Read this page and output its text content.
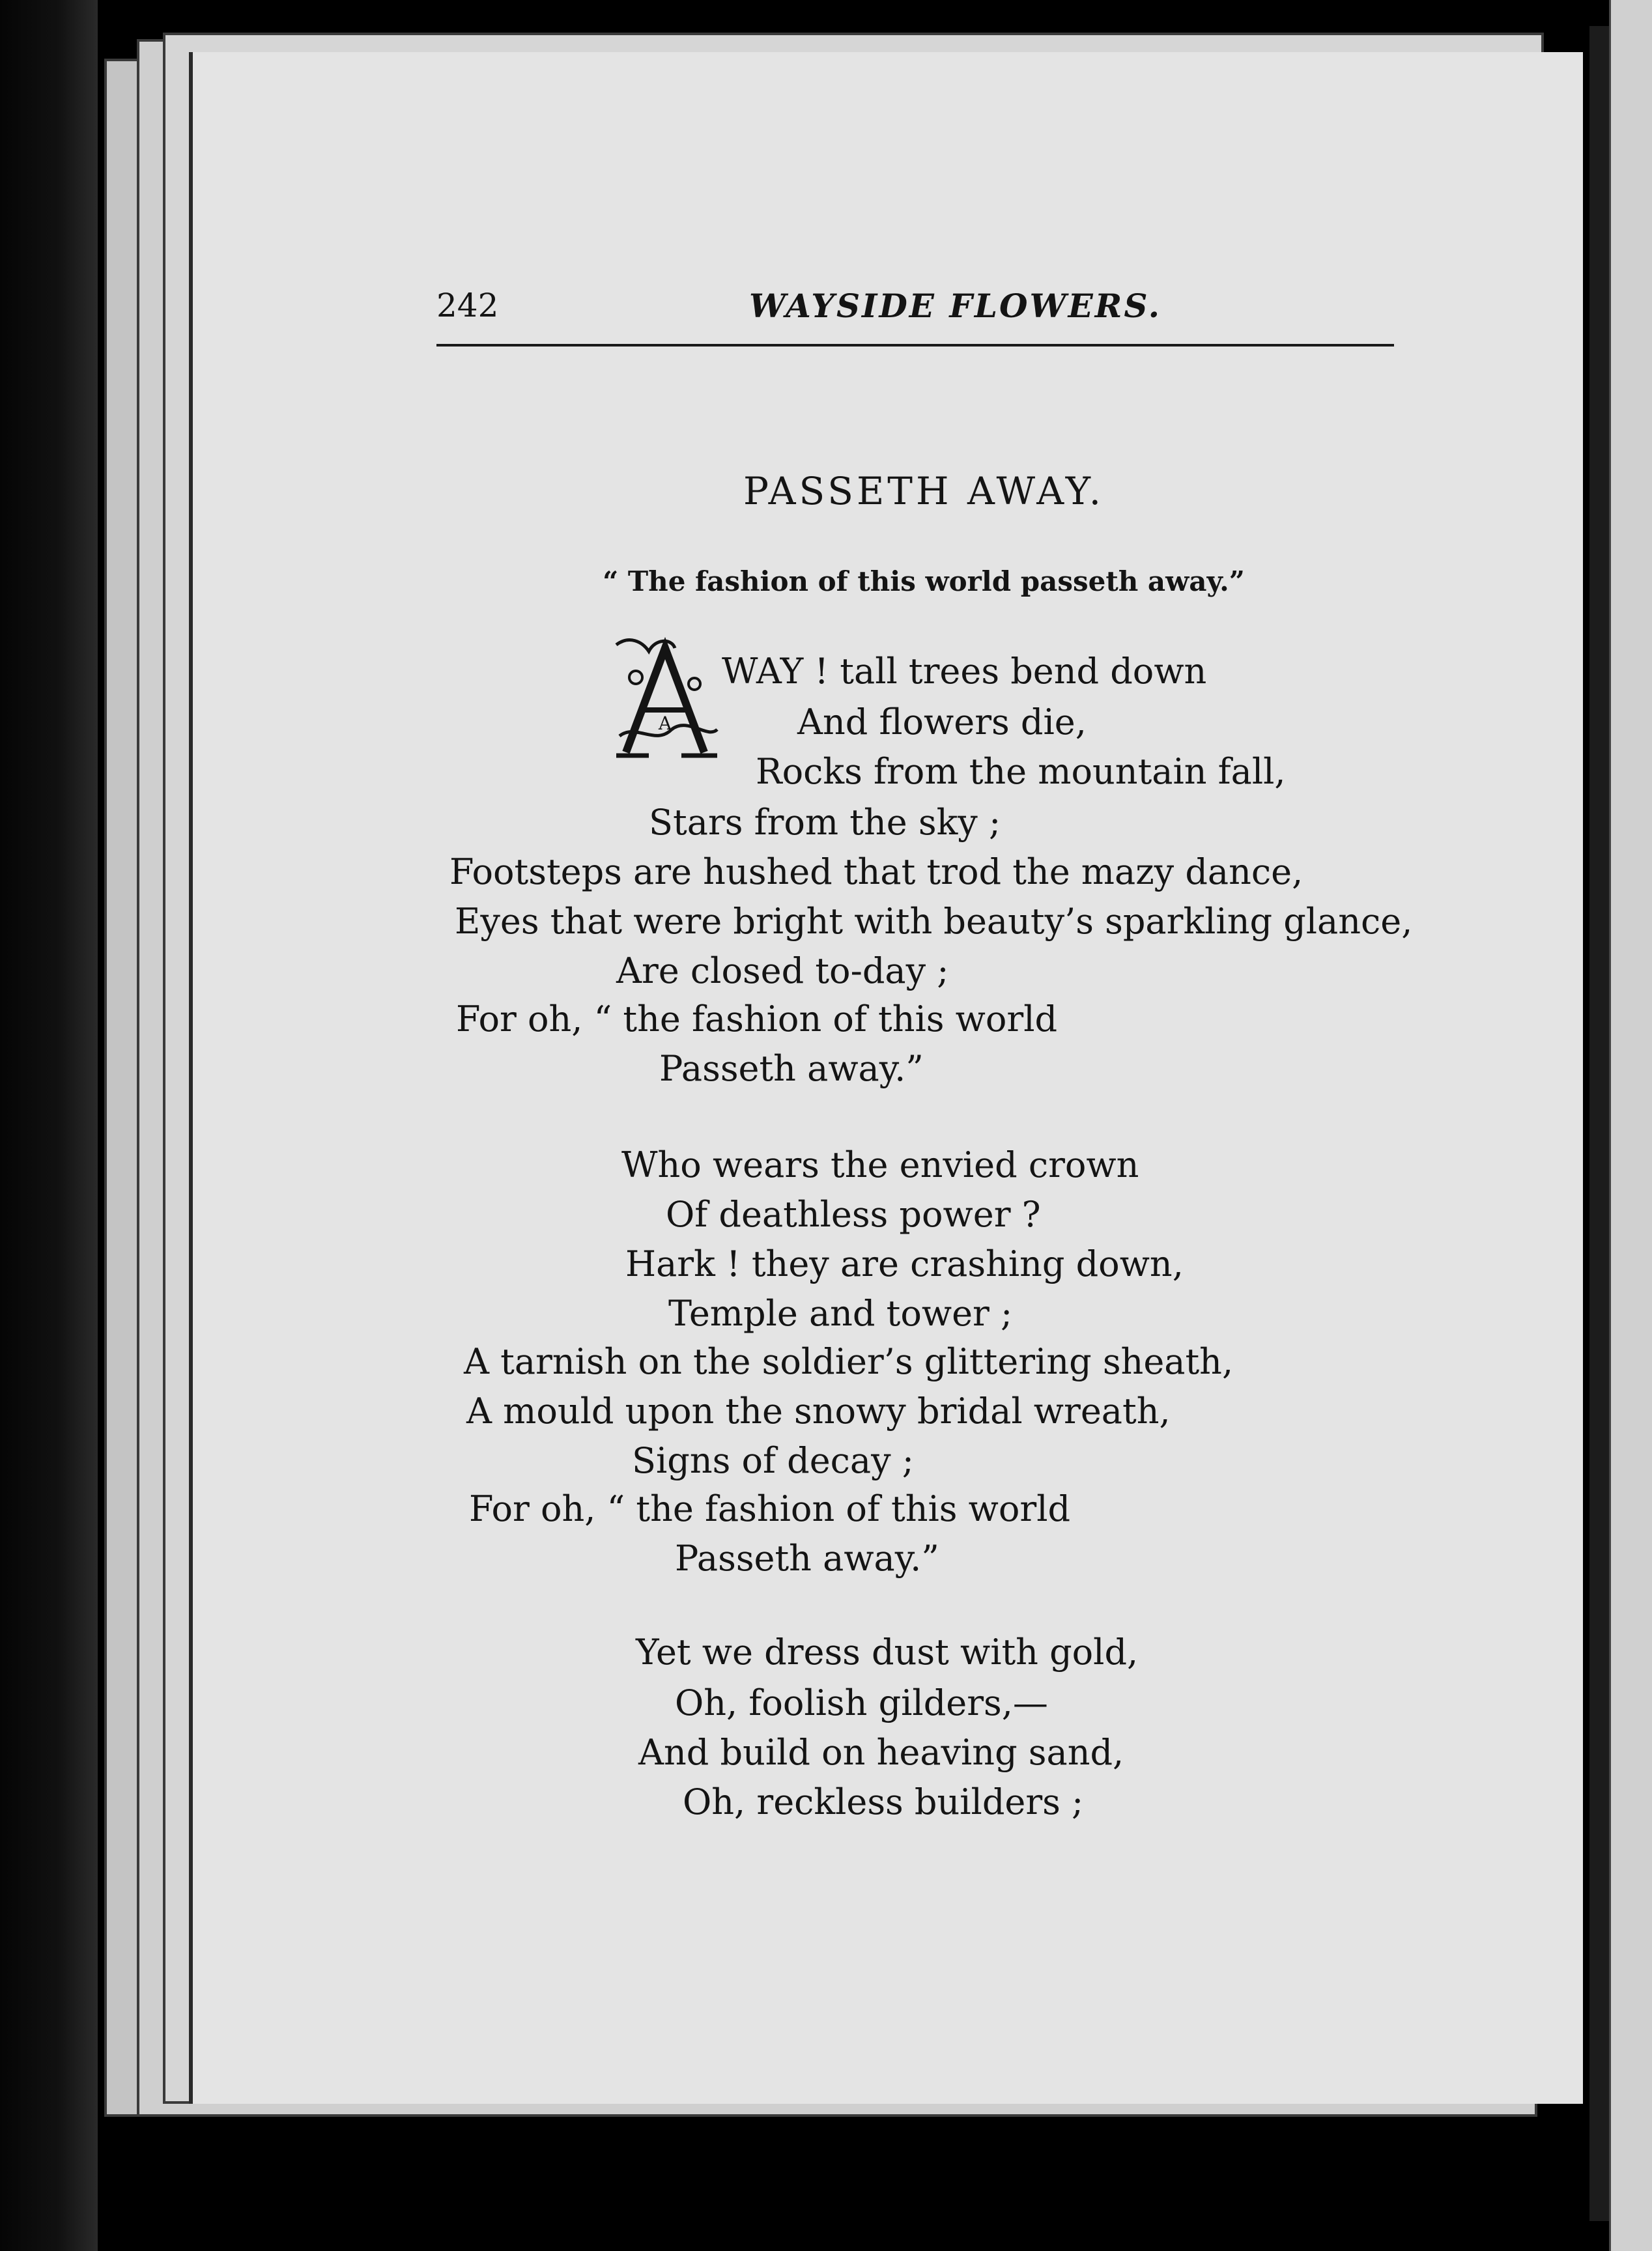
242	WAYSIDE FLOWERS.

PASSETH AWAY.

“ The fashion of this world passeth away.”

A

WAY ! tall trees bend down

And flowers die,

Rocks from the mountain fall,

Stars from the sky ;

Footsteps are hushed that trod the mazy dance,

Eyes that were bright with beauty’s sparkling glance,

Are closed to-day ;

For oh, “ the fashion of this world

Passeth away.”

Who wears the envied crown

Of deathless power ?

Hark ! they are crashing down,

Temple and tower ;

A tarnish on the soldier’s glittering sheath,

A mould upon the snowy bridal wreath,

Signs of decay ;

For oh, “ the fashion of this world

Passeth away.”

Yet we dress dust with gold,

Oh, foolish gilders,—

And build on heaving sand,

Oh, reckless builders ;
